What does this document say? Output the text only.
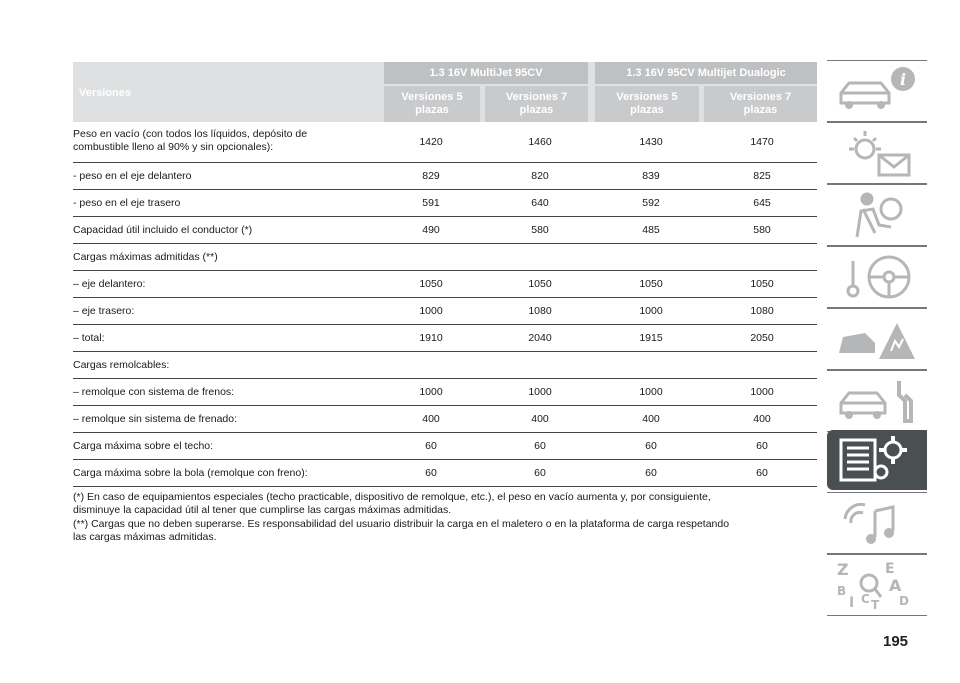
Versiones
1.3 16V MultiJet 95CV	1.3 16V 95CV Multijet Dualogic
Versiones 5
plazas
Versiones 7
plazas
Versiones 5
plazas
Versiones 7
plazas
Peso en vacío (con todos los líquidos, depósito de
combustible lleno al 90% y sin opcionales):	1420	1460	1430	1470
- peso en el eje delantero	829	820	839	825
- peso en el eje trasero	591	640	592	645
Capacidad útil incluido el conductor (*)	490	580	485	580
Cargas máximas admitidas (**)
– eje delantero:	1050	1050	1050	1050
– eje trasero:	1000	1080	1000	1080
– total:	1910	2040	1915	2050
Cargas remolcables:
– remolque con sistema de frenos:	1000	1000	1000	1000
– remolque sin sistema de frenado:	400	400	400	400
Carga máxima sobre el techo:	60	60	60	60
Carga máxima sobre la bola (remolque con freno):	60	60	60	60
(*) En caso de equipamientos especiales (techo practicable, dispositivo de remolque, etc.), el peso en vacío aumenta y, por consiguiente,
disminuye la capacidad útil al tener que cumplirse las cargas máximas admitidas.
(**) Cargas que no deben superarse. Es responsabilidad del usuario distribuir la carga en el maletero o en la plataforma de carga respetando
las cargas máximas admitidas.
i
Z	E
B	A
I C T D
195
